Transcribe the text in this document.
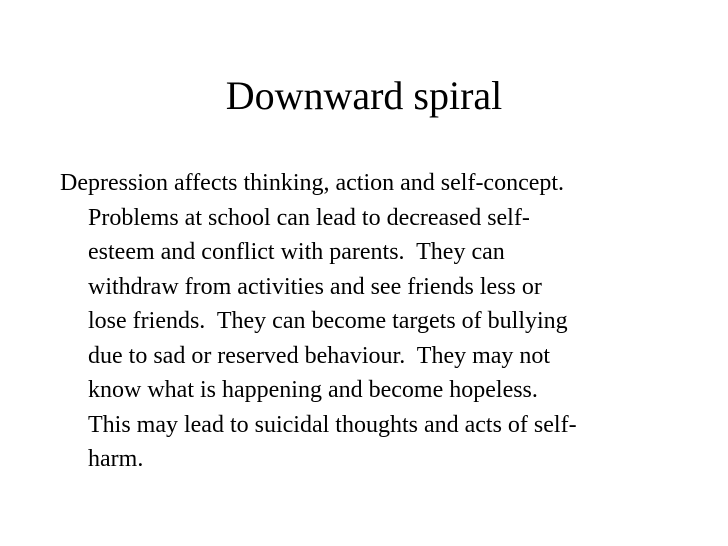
Downward spiral
Depression affects thinking, action and self-concept.
Problems at school can lead to decreased self-
esteem and conflict with parents.  They can
withdraw from activities and see friends less or
lose friends.  They can become targets of bullying
due to sad or reserved behaviour.  They may not
know what is happening and become hopeless.
This may lead to suicidal thoughts and acts of self-
harm.
